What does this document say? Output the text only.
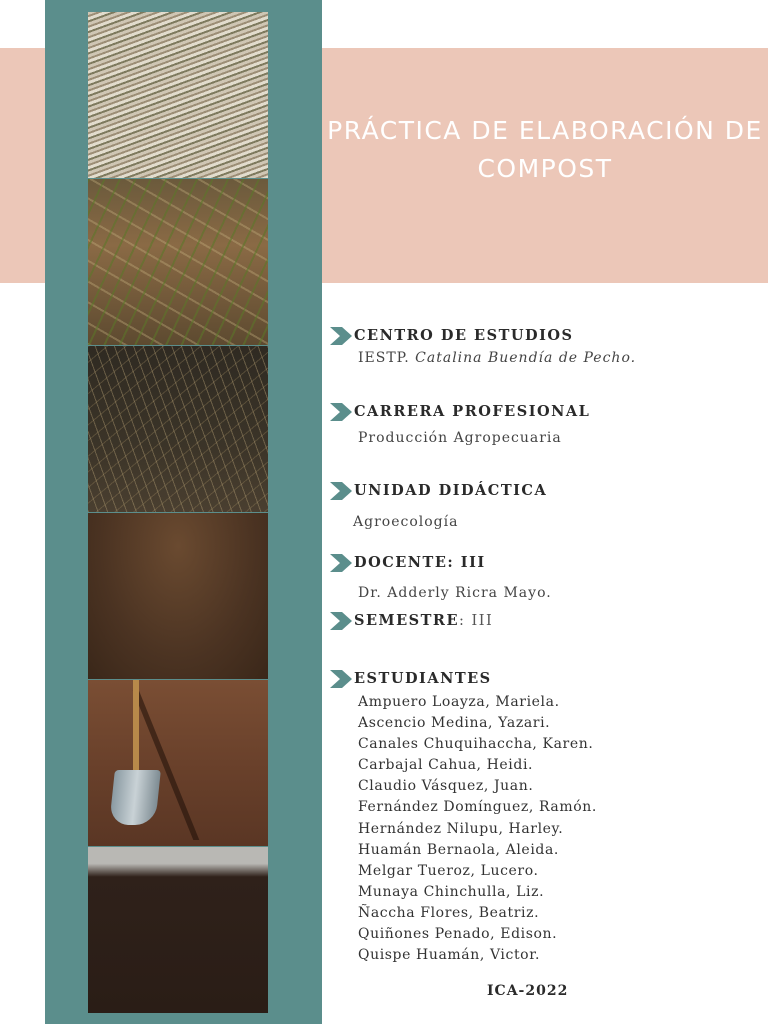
PRÁCTICA DE ELABORACIÓN DE COMPOST
CENTRO DE ESTUDIOS
IESTP. Catalina Buendía de Pecho.
CARRERA PROFESIONAL
Producción Agropecuaria
UNIDAD DIDÁCTICA
Agroecología
DOCENTE: III
Dr. Adderly Ricra Mayo.
SEMESTRE: III
ESTUDIANTES
Ampuero Loayza, Mariela.
Ascencio Medina, Yazari.
Canales Chuquihaccha, Karen.
Carbajal Cahua, Heidi.
Claudio Vásquez, Juan.
Fernández Domínguez, Ramón.
Hernández Nilupu, Harley.
Huamán Bernaola, Aleida.
Melgar Tueroz, Lucero.
Munaya Chinchulla, Liz.
Ñaccha Flores, Beatriz.
Quiñones Penado, Edison.
Quispe Huamán, Victor.
ICA-2022
